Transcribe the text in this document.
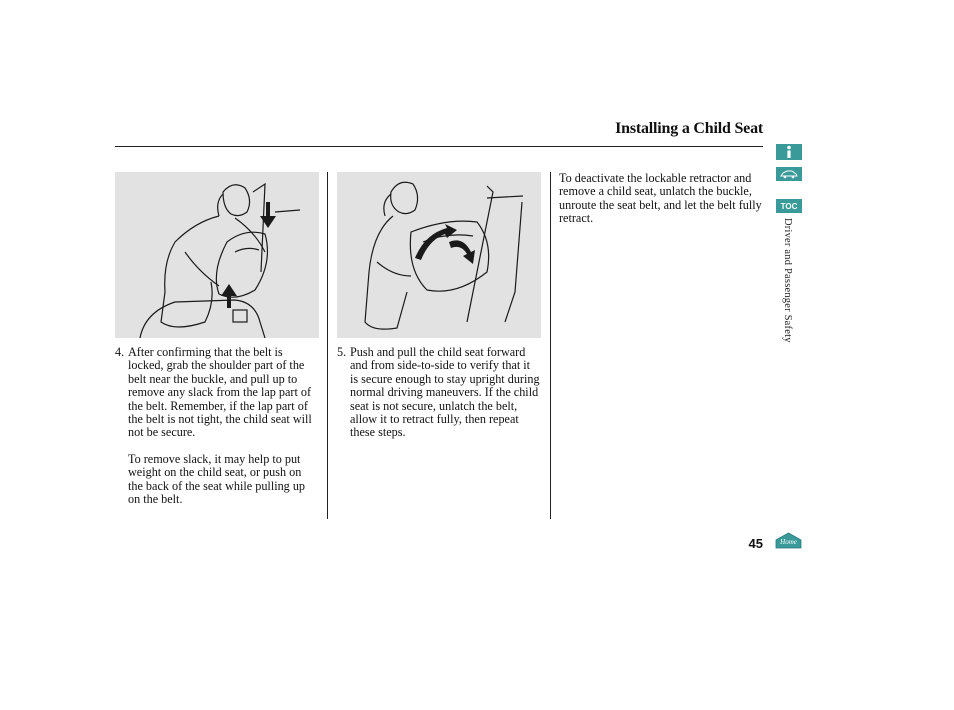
Installing a Child Seat
4. After confirming that the belt is locked, grab the shoulder part of the belt near the buckle, and pull up to remove any slack from the lap part of the belt. Remember, if the lap part of the belt is not tight, the child seat will not be secure.
To remove slack, it may help to put weight on the child seat, or push on the back of the seat while pulling up on the belt.
5. Push and pull the child seat forward and from side-to-side to verify that it is secure enough to stay upright during normal driving maneuvers. If the child seat is not secure, unlatch the belt, allow it to retract fully, then repeat these steps.
To deactivate the lockable retractor and remove a child seat, unlatch the buckle, unroute the seat belt, and let the belt fully retract.
TOC
Driver and Passenger Safety
45	Home
